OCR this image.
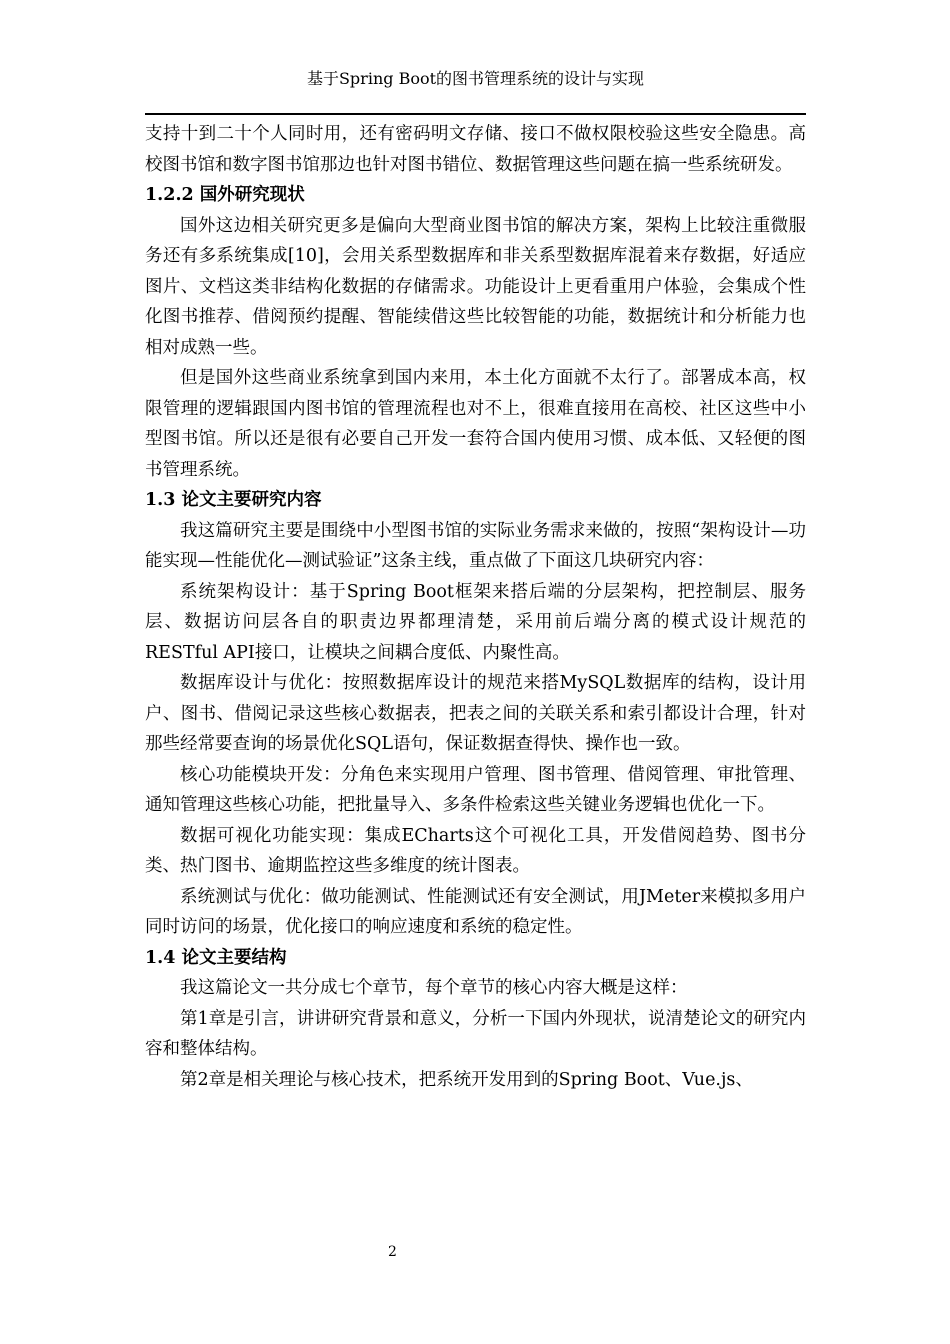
基于Spring Boot的图书管理系统的设计与实现

支持十到二十个人同时用，还有密码明文存储、接口不做权限校验这些安全隐患。高校图书馆和数字图书馆那边也针对图书错位、数据管理这些问题在搞一些系统研发。

1.2.2 国外研究现状

国外这边相关研究更多是偏向大型商业图书馆的解决方案，架构上比较注重微服务还有多系统集成[10]，会用关系型数据库和非关系型数据库混着来存数据，好适应图片、文档这类非结构化数据的存储需求。功能设计上更看重用户体验，会集成个性化图书推荐、借阅预约提醒、智能续借这些比较智能的功能，数据统计和分析能力也相对成熟一些。

但是国外这些商业系统拿到国内来用，本土化方面就不太行了。部署成本高，权限管理的逻辑跟国内图书馆的管理流程也对不上，很难直接用在高校、社区这些中小型图书馆。所以还是很有必要自己开发一套符合国内使用习惯、成本低、又轻便的图书管理系统。

1.3 论文主要研究内容

我这篇研究主要是围绕中小型图书馆的实际业务需求来做的，按照“架构设计—功能实现—性能优化—测试验证”这条主线，重点做了下面这几块研究内容：

系统架构设计：基于Spring Boot框架来搭后端的分层架构，把控制层、服务层、数据访问层各自的职责边界都理清楚，采用前后端分离的模式设计规范的RESTful API接口，让模块之间耦合度低、内聚性高。

数据库设计与优化：按照数据库设计的规范来搭MySQL数据库的结构，设计用户、图书、借阅记录这些核心数据表，把表之间的关联关系和索引都设计合理，针对那些经常要查询的场景优化SQL语句，保证数据查得快、操作也一致。

核心功能模块开发：分角色来实现用户管理、图书管理、借阅管理、审批管理、通知管理这些核心功能，把批量导入、多条件检索这些关键业务逻辑也优化一下。

数据可视化功能实现：集成ECharts这个可视化工具，开发借阅趋势、图书分类、热门图书、逾期监控这些多维度的统计图表。

系统测试与优化：做功能测试、性能测试还有安全测试，用JMeter来模拟多用户同时访问的场景，优化接口的响应速度和系统的稳定性。

1.4 论文主要结构

我这篇论文一共分成七个章节，每个章节的核心内容大概是这样：

第1章是引言，讲讲研究背景和意义，分析一下国内外现状，说清楚论文的研究内容和整体结构。

第2章是相关理论与核心技术，把系统开发用到的Spring Boot、Vue.js、

2
